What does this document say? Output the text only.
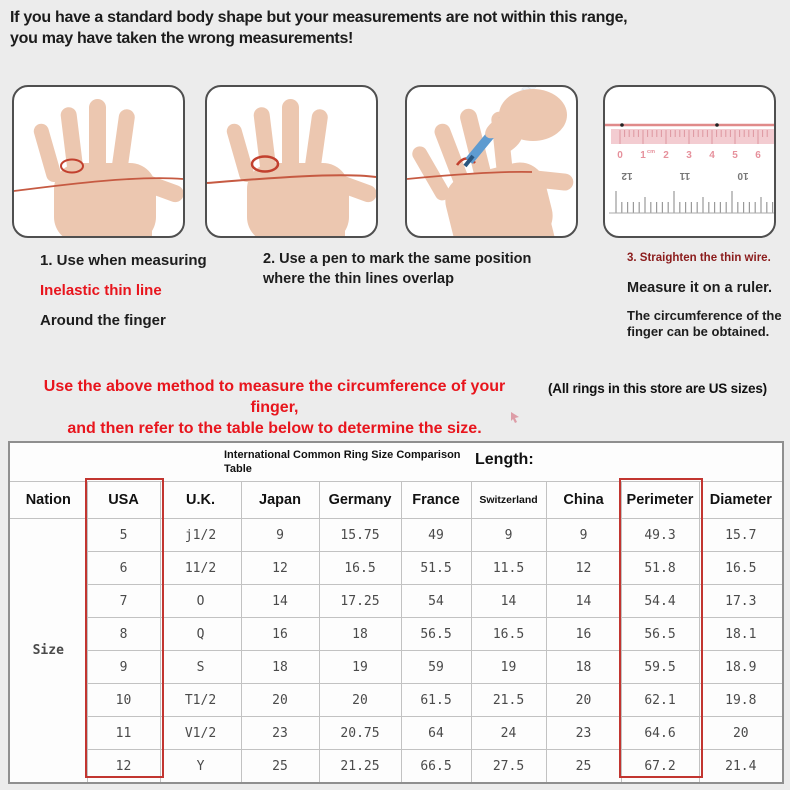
If you have a standard body shape but your measurements are not within this range,
you may have taken the wrong measurements!
0 1 cm 2 3 4 5 6
12	11	10
1. Use when measuring
Inelastic thin line
Around the finger
2. Use a pen to mark the same position where the thin lines overlap
3. Straighten the thin wire.
Measure it on a ruler.
The circumference of the finger can be obtained.
Use the above method to measure the circumference of your finger,
and then refer to the table below to determine the size.
(All rings in this store are US sizes)
International Common Ring Size Comparison Table
Length:									

Nation	USA	U.K.	Japan	Germany	France	Switzerland	China	Perimeter	Diameter
Size	5	j1/2	9	15.75	49	9	9	49.3	15.7
	6	11/2	12	16.5	51.5	11.5	12	51.8	16.5
	7	O	14	17.25	54	14	14	54.4	17.3
	8	Q	16	18	56.5	16.5	16	56.5	18.1
	9	S	18	19	59	19	18	59.5	18.9
	10	T1/2	20	20	61.5	21.5	20	62.1	19.8
	11	V1/2	23	20.75	64	24	23	64.6	20
	12	Y	25	21.25	66.5	27.5	25	67.2	21.4
